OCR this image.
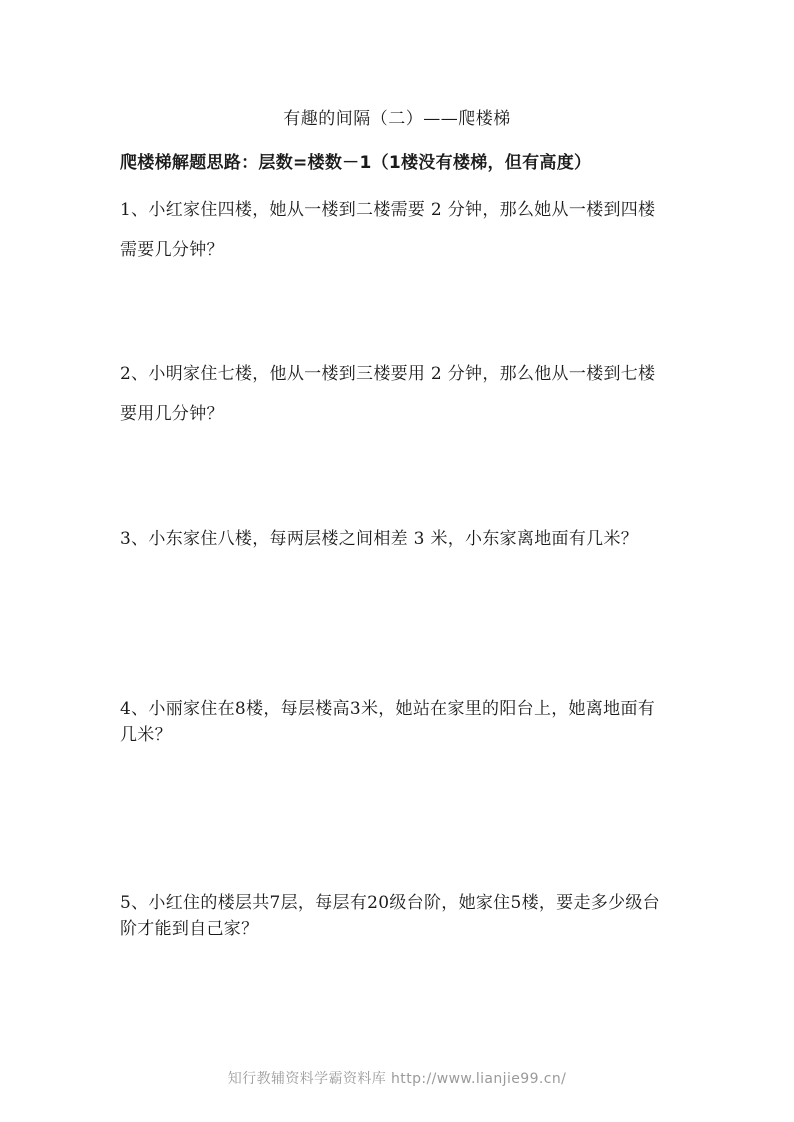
有趣的间隔（二）——爬楼梯
爬楼梯解题思路：层数=楼数－1（1楼没有楼梯，但有高度）
1、小红家住四楼，她从一楼到二楼需要 2 分钟，那么她从一楼到四楼
需要几分钟？
2、小明家住七楼，他从一楼到三楼要用 2 分钟，那么他从一楼到七楼
要用几分钟？
3、小东家住八楼，每两层楼之间相差 3 米，小东家离地面有几米？
4、小丽家住在8楼，每层楼高3米，她站在家里的阳台上，她离地面有
几米？
5、小红住的楼层共7层，每层有20级台阶，她家住5楼，要走多少级台
阶才能到自己家？
知行教辅资料学霸资料库 http://www.lianjie99.cn/
